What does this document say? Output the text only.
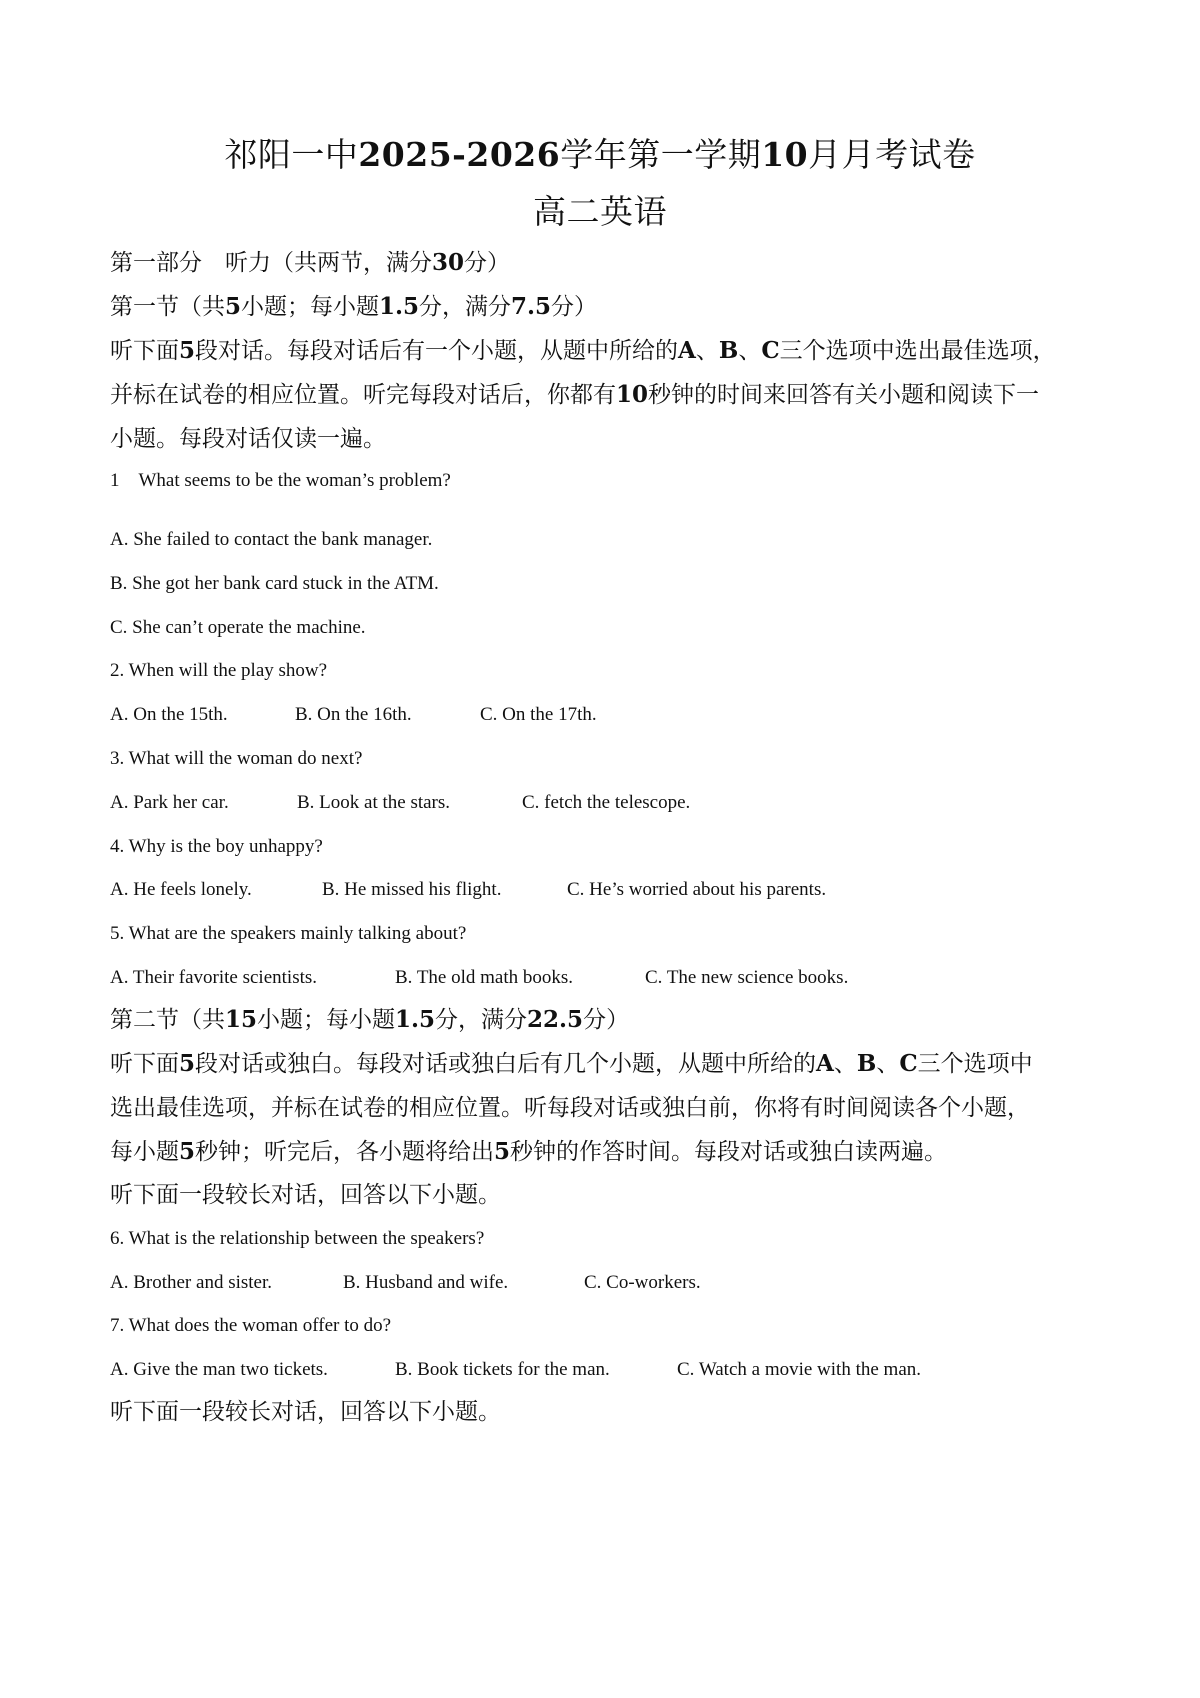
祁阳一中2025-2026学年第一学期10月月考试卷
高二英语
第一部分　听力（共两节，满分30分）
第一节（共5小题；每小题1.5分，满分7.5分）
听下面5段对话。每段对话后有一个小题，从题中所给的A、B、C三个选项中选出最佳选项，
并标在试卷的相应位置。听完每段对话后，你都有10秒钟的时间来回答有关小题和阅读下一
小题。每段对话仅读一遍。
1　What seems to be the woman’s problem?
A. She failed to contact the bank manager.
B. She got her bank card stuck in the ATM.
C. She can’t operate the machine.
2. When will the play show?
A. On the 15th.	B. On the 16th.	C. On the 17th.
3. What will the woman do next?
A. Park her car.	B. Look at the stars.	C. fetch the telescope.
4. Why is the boy unhappy?
A. He feels lonely.	B. He missed his flight.	C. He’s worried about his parents.
5. What are the speakers mainly talking about?
A. Their favorite scientists.	B. The old math books.	C. The new science books.
第二节（共15小题；每小题1.5分，满分22.5分）
听下面5段对话或独白。每段对话或独白后有几个小题，从题中所给的A、B、C三个选项中
选出最佳选项，并标在试卷的相应位置。听每段对话或独白前，你将有时间阅读各个小题，
每小题5秒钟；听完后，各小题将给出5秒钟的作答时间。每段对话或独白读两遍。
听下面一段较长对话，回答以下小题。
6. What is the relationship between the speakers?
A. Brother and sister.	B. Husband and wife.	C. Co-workers.
7. What does the woman offer to do?
A. Give the man two tickets.	B. Book tickets for the man.	C. Watch a movie with the man.
听下面一段较长对话，回答以下小题。
